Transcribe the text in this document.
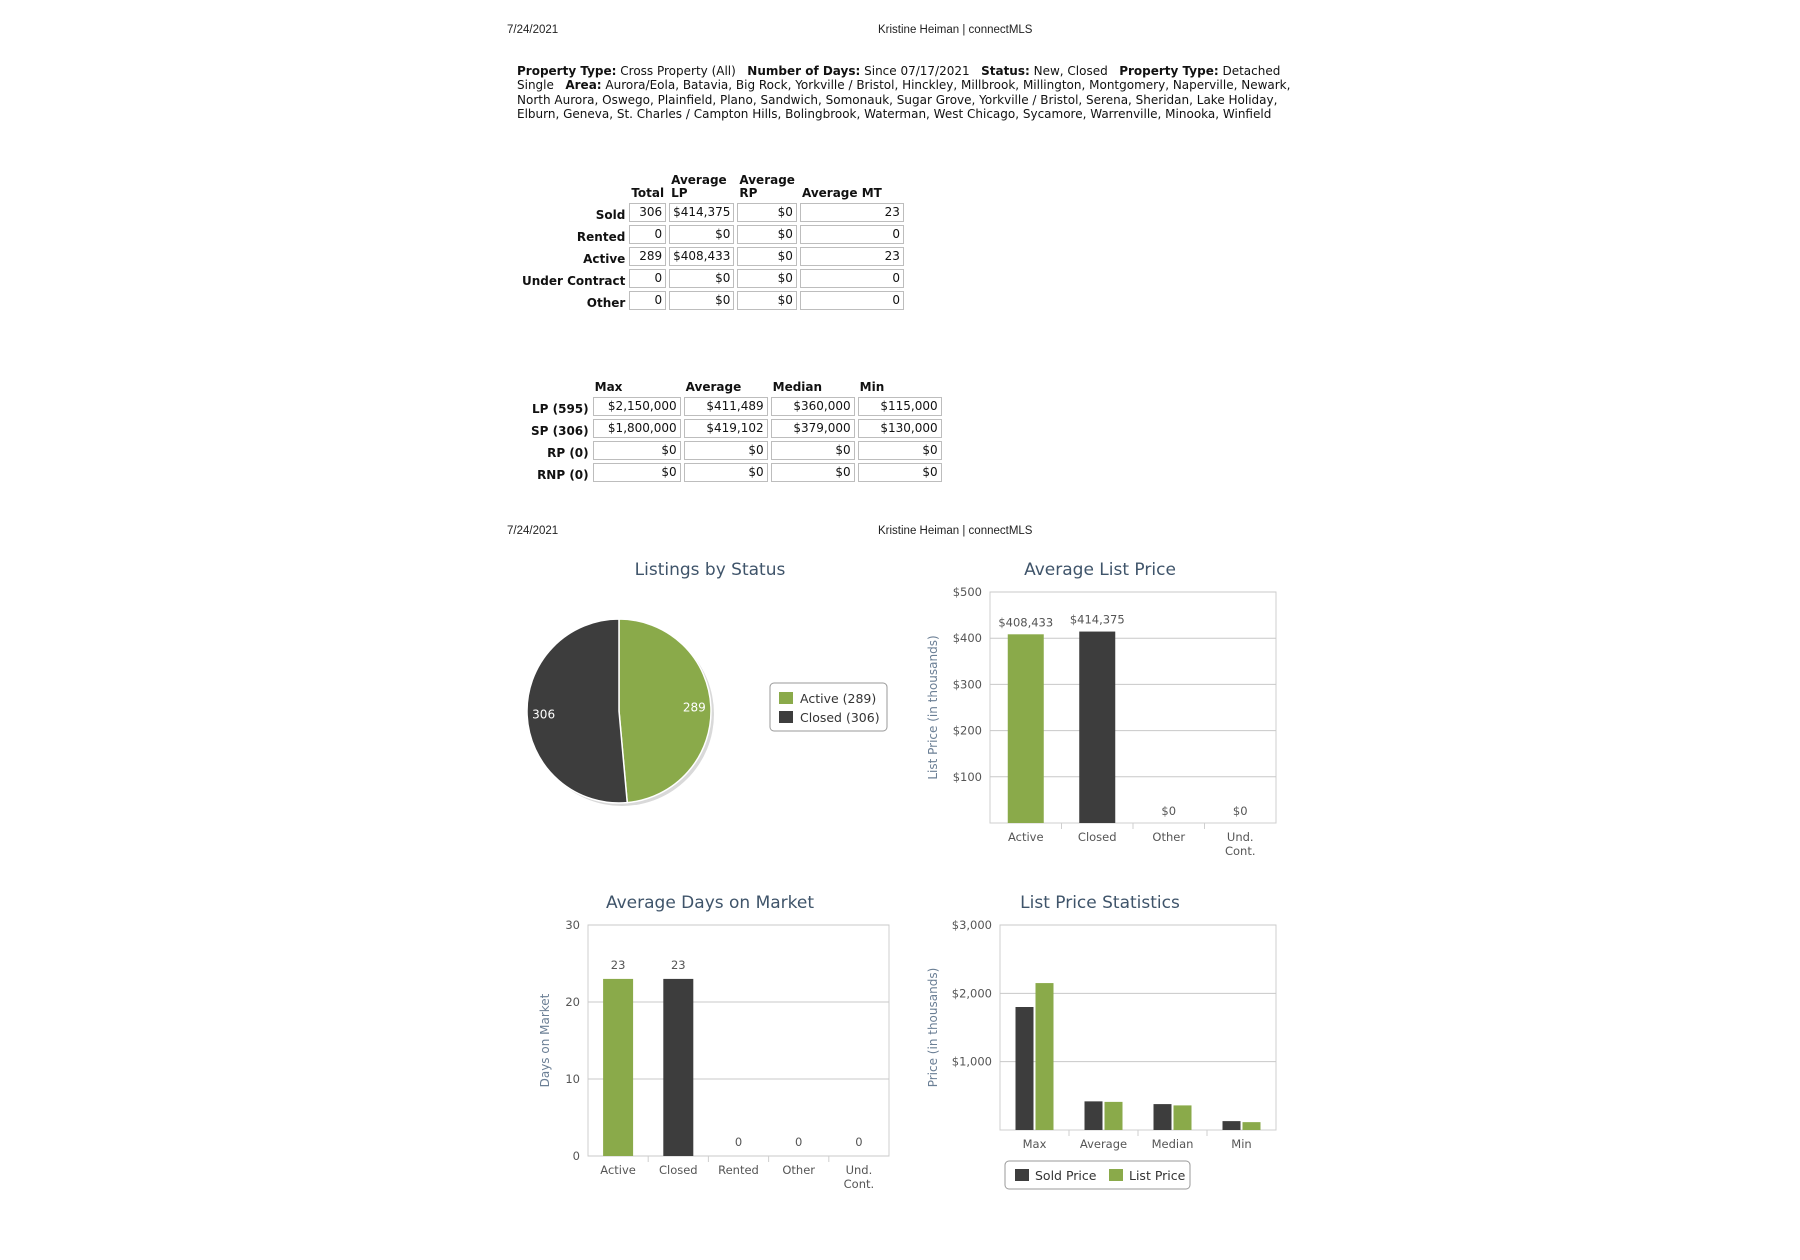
7/24/2021	Kristine Heiman | connectMLS
Property Type: Cross Property (All) Number of Days: Since 07/17/2021 Status: New, Closed Property Type: Detached Single Area: Aurora/Eola, Batavia, Big Rock, Yorkville / Bristol, Hinckley, Millbrook, Millington, Montgomery, Naperville, Newark, North Aurora, Oswego, Plainfield, Plano, Sandwich, Somonauk, Sugar Grove, Yorkville / Bristol, Serena, Sheridan, Lake Holiday, Elburn, Geneva, St. Charles / Campton Hills, Bolingbrook, Waterman, West Chicago, Sycamore, Warrenville, Minooka, Winfield
	Total	Average LP	Average RP	Average MT
Sold	306	$414,375	$0	23
Rented	0	$0	$0	0
Active	289	$408,433	$0	23
Under Contract	0	$0	$0	0
Other	0	$0	$0	0
	Max	Average	Median	Min
LP (595)	$2,150,000	$411,489	$360,000	$115,000
SP (306)	$1,800,000	$419,102	$379,000	$130,000
RP (0)	$0	$0	$0	$0
RNP (0)	$0	$0	$0	$0
7/24/2021	Kristine Heiman | connectMLS
Listings by Status	Average List Price
Average Days on Market	List Price Statistics
289
306
Active (289)
Closed (306)
$100
$200
$300
$400
$500
List Price (in thousands)
Active	Closed	Other	Und.
Cont.
$408,433 $414,375
$0	$0
0
10
20
30
Days on Market
Active Closed Rented Other	Und.
Cont.
23	23
0	0	0
$1,000
$2,000
$3,000
Price (in thousands)
Max	Average Median	Min
Sold Price	List Price
